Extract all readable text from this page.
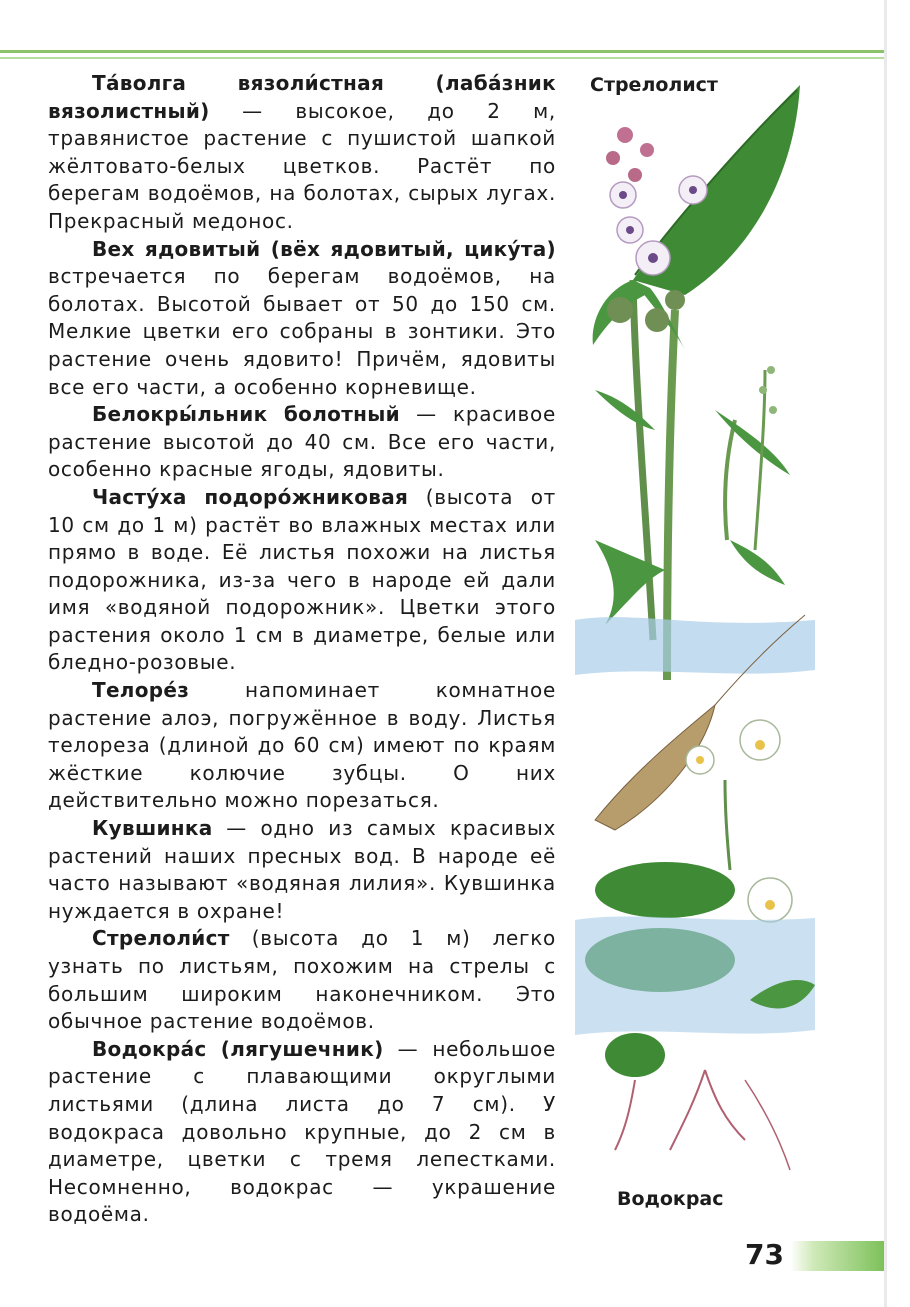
Та́волга вязоли́стная (лаба́зник вязолистный) — высокое, до 2 м, травянистое растение с пушистой шапкой жёлтовато-белых цветков. Растёт по берегам водоёмов, на болотах, сырых лугах. Прекрасный медонос.

Вех ядовитый (вёх ядовитый, цику́та) встречается по берегам водоёмов, на болотах. Высотой бывает от 50 до 150 см. Мелкие цветки его собраны в зонтики. Это растение очень ядовито! Причём, ядовиты все его части, а особенно корневище.

Белокры́льник болотный — красивое растение высотой до 40 см. Все его части, особенно красные ягоды, ядовиты.

Часту́ха подоро́жниковая (высота от 10 см до 1 м) растёт во влажных местах или прямо в воде. Её листья похожи на листья подорожника, из-за чего в народе ей дали имя «водяной подорожник». Цветки этого растения около 1 см в диаметре, белые или бледно-розовые.

Телоре́з напоминает комнатное растение алоэ, погружённое в воду. Листья телореза (длиной до 60 см) имеют по краям жёсткие колючие зубцы. О них действительно можно порезаться.

Кувшинка — одно из самых красивых растений наших пресных вод. В народе её часто называют «водяная лилия». Кувшинка нуждается в охране!

Стрелоли́ст (высота до 1 м) легко узнать по листьям, похожим на стрелы с большим широким наконечником. Это обычное растение водоёмов.

Водокра́с (лягушечник) — небольшое растение с плавающими округлыми листьями (длина листа до 7 см). У водокраса довольно крупные, до 2 см в диаметре, цветки с тремя лепестками. Несомненно, водокрас — украшение водоёма.

Стрелолист
Водокрас
73
